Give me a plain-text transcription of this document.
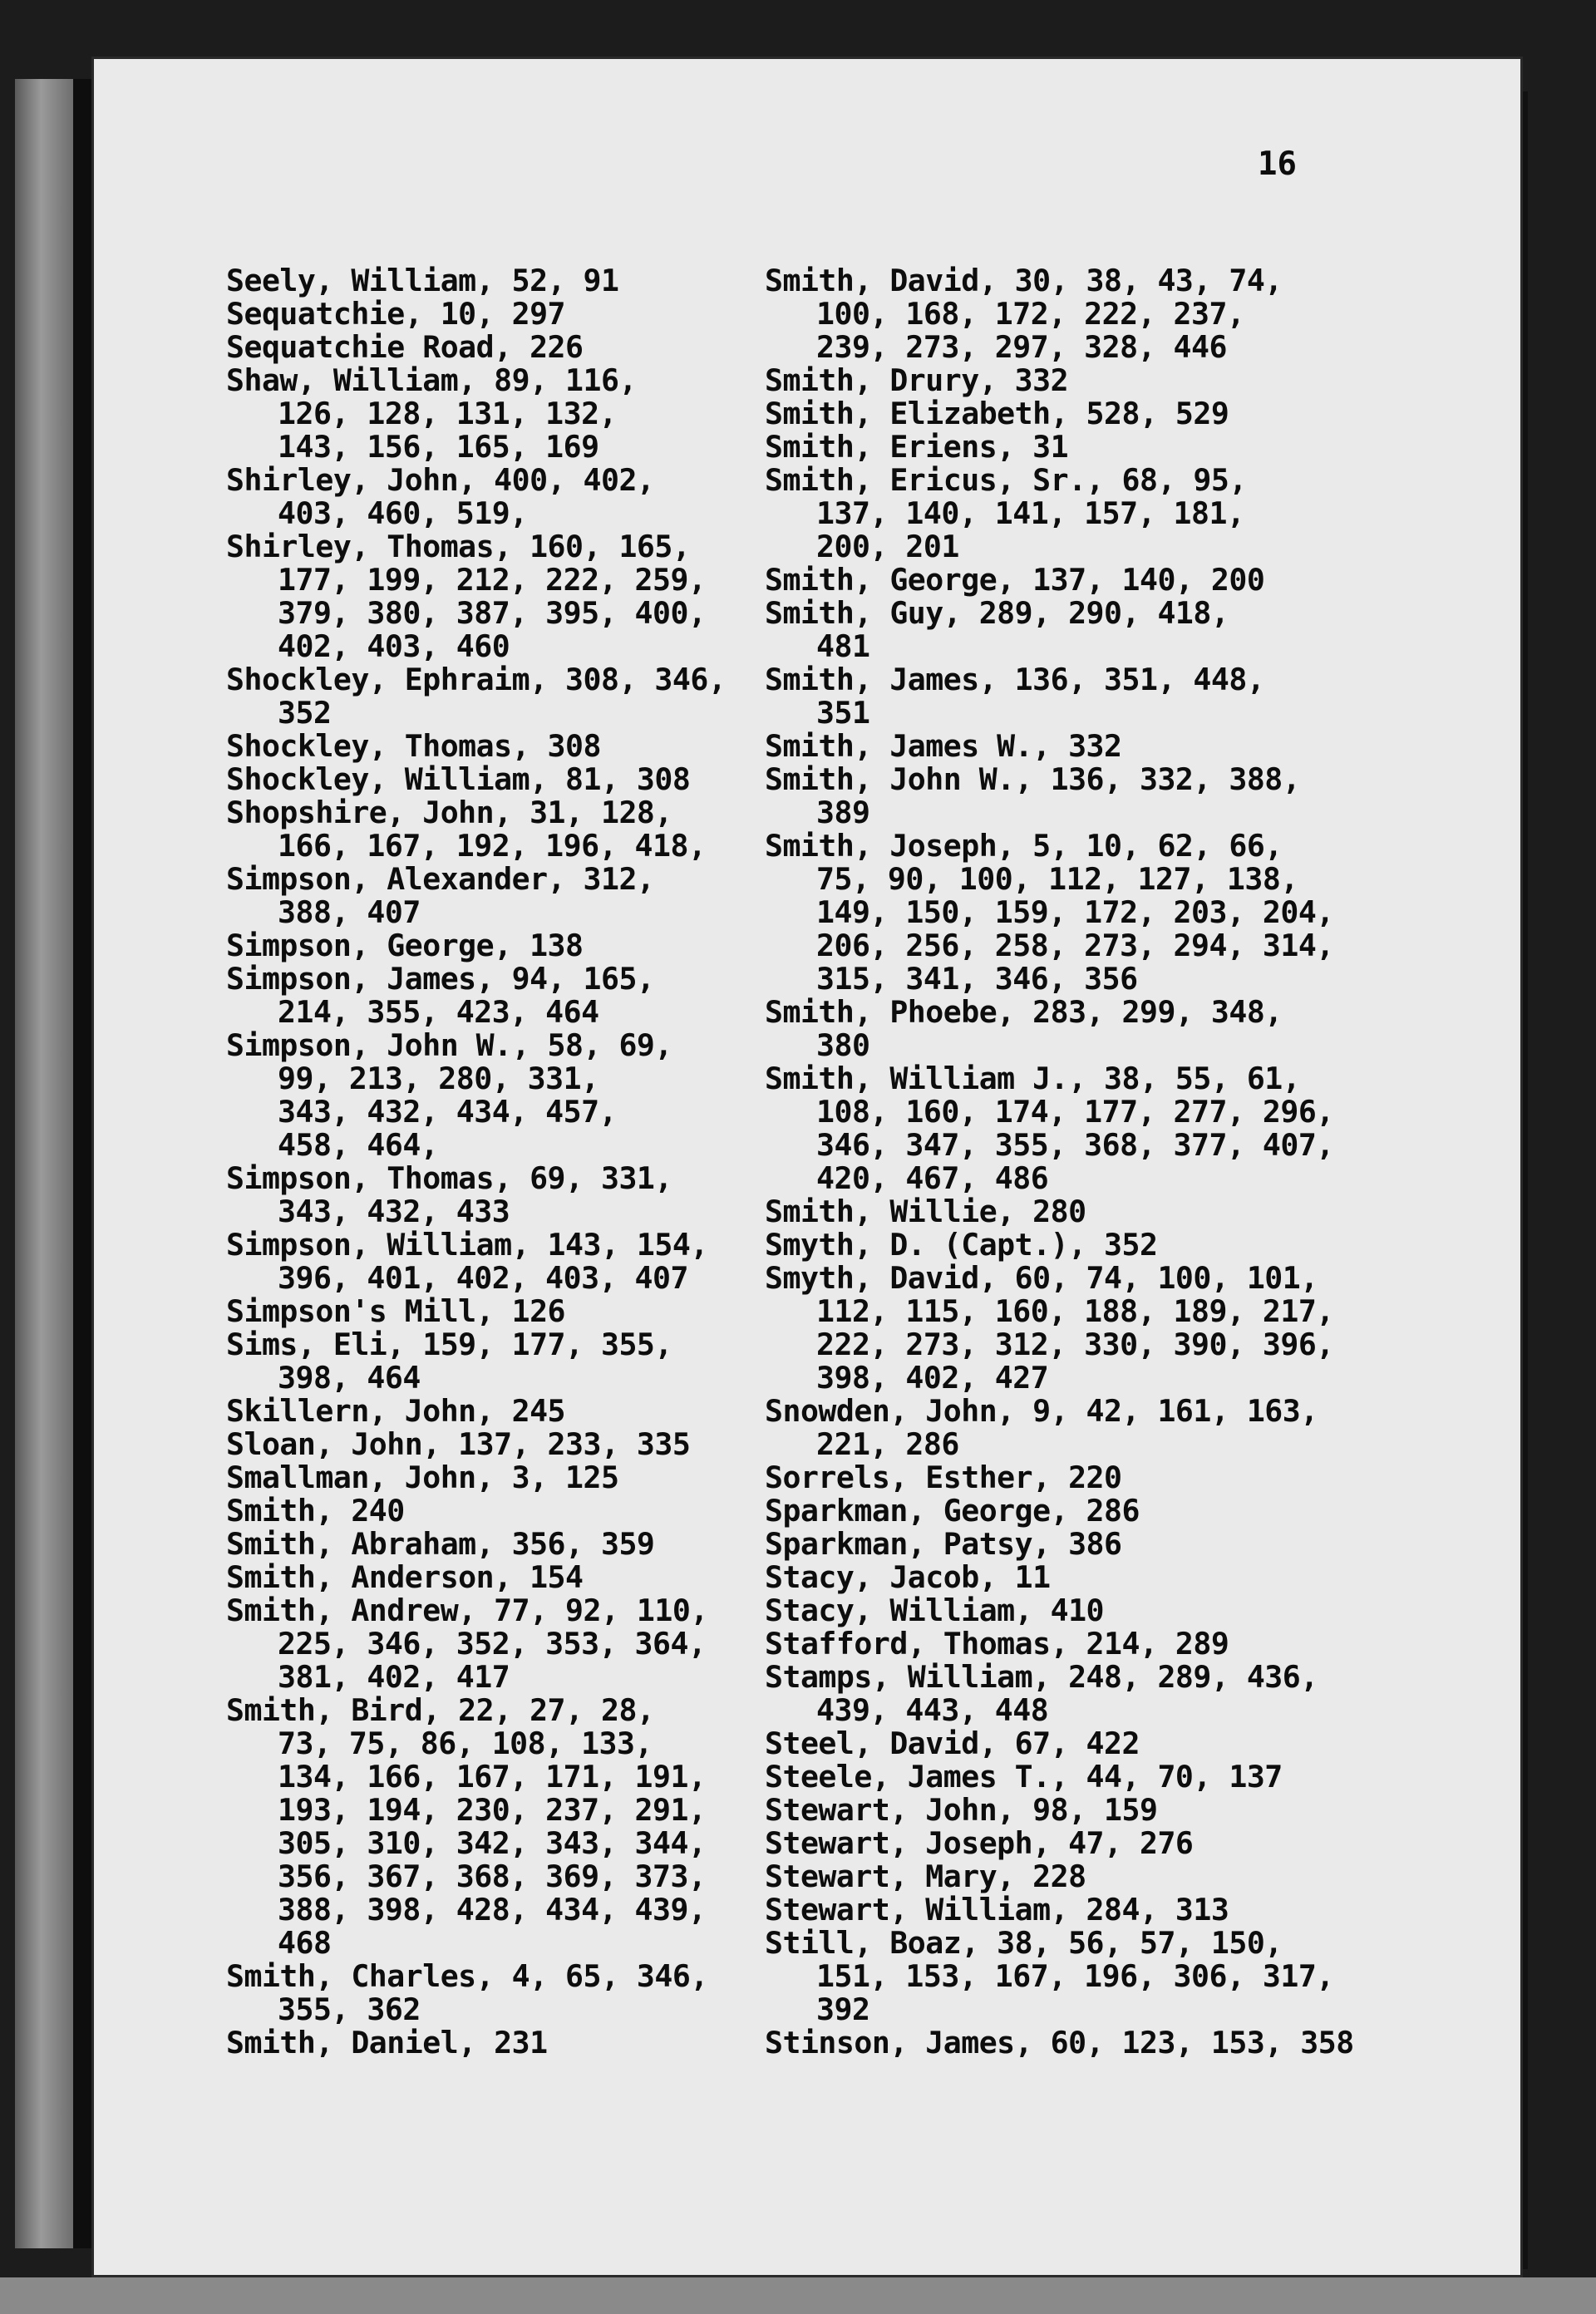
16
Seely, William, 52, 91
Sequatchie, 10, 297
Sequatchie Road, 226
Shaw, William, 89, 116,
126, 128, 131, 132,
143, 156, 165, 169
Shirley, John, 400, 402,
403, 460, 519,
Shirley, Thomas, 160, 165,
177, 199, 212, 222, 259,
379, 380, 387, 395, 400,
402, 403, 460
Shockley, Ephraim, 308, 346,
352
Shockley, Thomas, 308
Shockley, William, 81, 308
Shopshire, John, 31, 128,
166, 167, 192, 196, 418,
Simpson, Alexander, 312,
388, 407
Simpson, George, 138
Simpson, James, 94, 165,
214, 355, 423, 464
Simpson, John W., 58, 69,
99, 213, 280, 331,
343, 432, 434, 457,
458, 464,
Simpson, Thomas, 69, 331,
343, 432, 433
Simpson, William, 143, 154,
396, 401, 402, 403, 407
Simpson's Mill, 126
Sims, Eli, 159, 177, 355,
398, 464
Skillern, John, 245
Sloan, John, 137, 233, 335
Smallman, John, 3, 125
Smith, 240
Smith, Abraham, 356, 359
Smith, Anderson, 154
Smith, Andrew, 77, 92, 110,
225, 346, 352, 353, 364,
381, 402, 417
Smith, Bird, 22, 27, 28,
73, 75, 86, 108, 133,
134, 166, 167, 171, 191,
193, 194, 230, 237, 291,
305, 310, 342, 343, 344,
356, 367, 368, 369, 373,
388, 398, 428, 434, 439,
468
Smith, Charles, 4, 65, 346,
355, 362
Smith, Daniel, 231
Smith, David, 30, 38, 43, 74,
100, 168, 172, 222, 237,
239, 273, 297, 328, 446
Smith, Drury, 332
Smith, Elizabeth, 528, 529
Smith, Eriens, 31
Smith, Ericus, Sr., 68, 95,
137, 140, 141, 157, 181,
200, 201
Smith, George, 137, 140, 200
Smith, Guy, 289, 290, 418,
481
Smith, James, 136, 351, 448,
351
Smith, James W., 332
Smith, John W., 136, 332, 388,
389
Smith, Joseph, 5, 10, 62, 66,
75, 90, 100, 112, 127, 138,
149, 150, 159, 172, 203, 204,
206, 256, 258, 273, 294, 314,
315, 341, 346, 356
Smith, Phoebe, 283, 299, 348,
380
Smith, William J., 38, 55, 61,
108, 160, 174, 177, 277, 296,
346, 347, 355, 368, 377, 407,
420, 467, 486
Smith, Willie, 280
Smyth, D. (Capt.), 352
Smyth, David, 60, 74, 100, 101,
112, 115, 160, 188, 189, 217,
222, 273, 312, 330, 390, 396,
398, 402, 427
Snowden, John, 9, 42, 161, 163,
221, 286
Sorrels, Esther, 220
Sparkman, George, 286
Sparkman, Patsy, 386
Stacy, Jacob, 11
Stacy, William, 410
Stafford, Thomas, 214, 289
Stamps, William, 248, 289, 436,
439, 443, 448
Steel, David, 67, 422
Steele, James T., 44, 70, 137
Stewart, John, 98, 159
Stewart, Joseph, 47, 276
Stewart, Mary, 228
Stewart, William, 284, 313
Still, Boaz, 38, 56, 57, 150,
151, 153, 167, 196, 306, 317,
392
Stinson, James, 60, 123, 153, 358
